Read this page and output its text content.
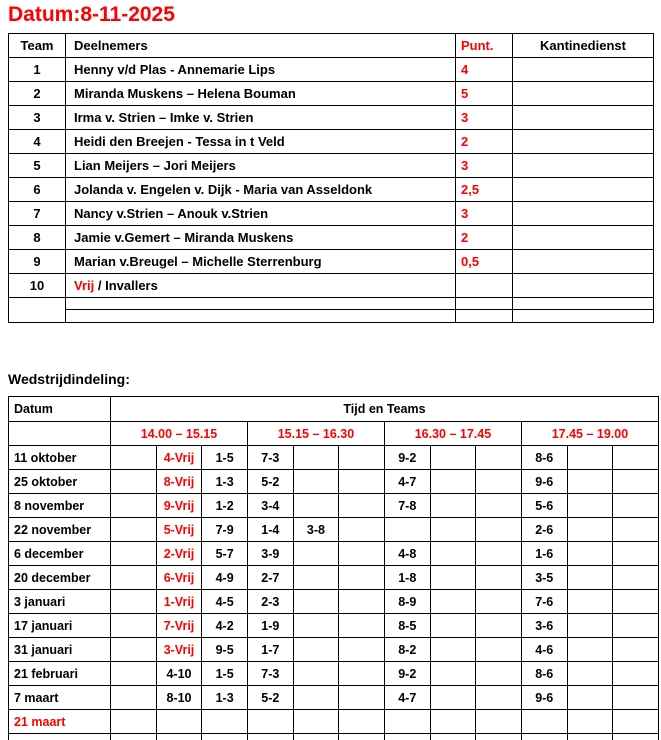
Datum:8-11-2025
Team	Deelnemers	Punt.	Kantinedienst
1	Henny v/d Plas - Annemarie Lips	4	
2	Miranda Muskens – Helena Bouman	5	
3	Irma v. Strien – Imke v. Strien	3	
4	Heidi den Breejen - Tessa in t Veld	2	
5	Lian Meijers – Jori Meijers	3	
6	Jolanda v. Engelen v. Dijk - Maria van Asseldonk	2,5	
7	Nancy v.Strien – Anouk v.Strien	3	
8	Jamie v.Gemert – Miranda Muskens	2	
9	Marian v.Breugel – Michelle Sterrenburg	0,5	
10	Vrij / Invallers		

Wedstrijdindeling:
Datum	Tijd en Teams											
	14.00 – 15.15			15.15 – 16.30			16.30 – 17.45			17.45 – 19.00		
11 oktober		4-Vrij	1-5	7-3			9-2			8-6		
25 oktober		8-Vrij	1-3	5-2			4-7			9-6		
8 november		9-Vrij	1-2	3-4			7-8			5-6		
22 november		5-Vrij	7-9	1-4	3-8					2-6		
6 december		2-Vrij	5-7	3-9			4-8			1-6		
20 december		6-Vrij	4-9	2-7			1-8			3-5		
3 januari		1-Vrij	4-5	2-3			8-9			7-6		
17 januari		7-Vrij	4-2	1-9			8-5			3-6		
31 januari		3-Vrij	9-5	1-7			8-2			4-6		
21 februari		4-10	1-5	7-3			9-2			8-6		
7 maart		8-10	1-3	5-2			4-7			9-6		
21 maart												
